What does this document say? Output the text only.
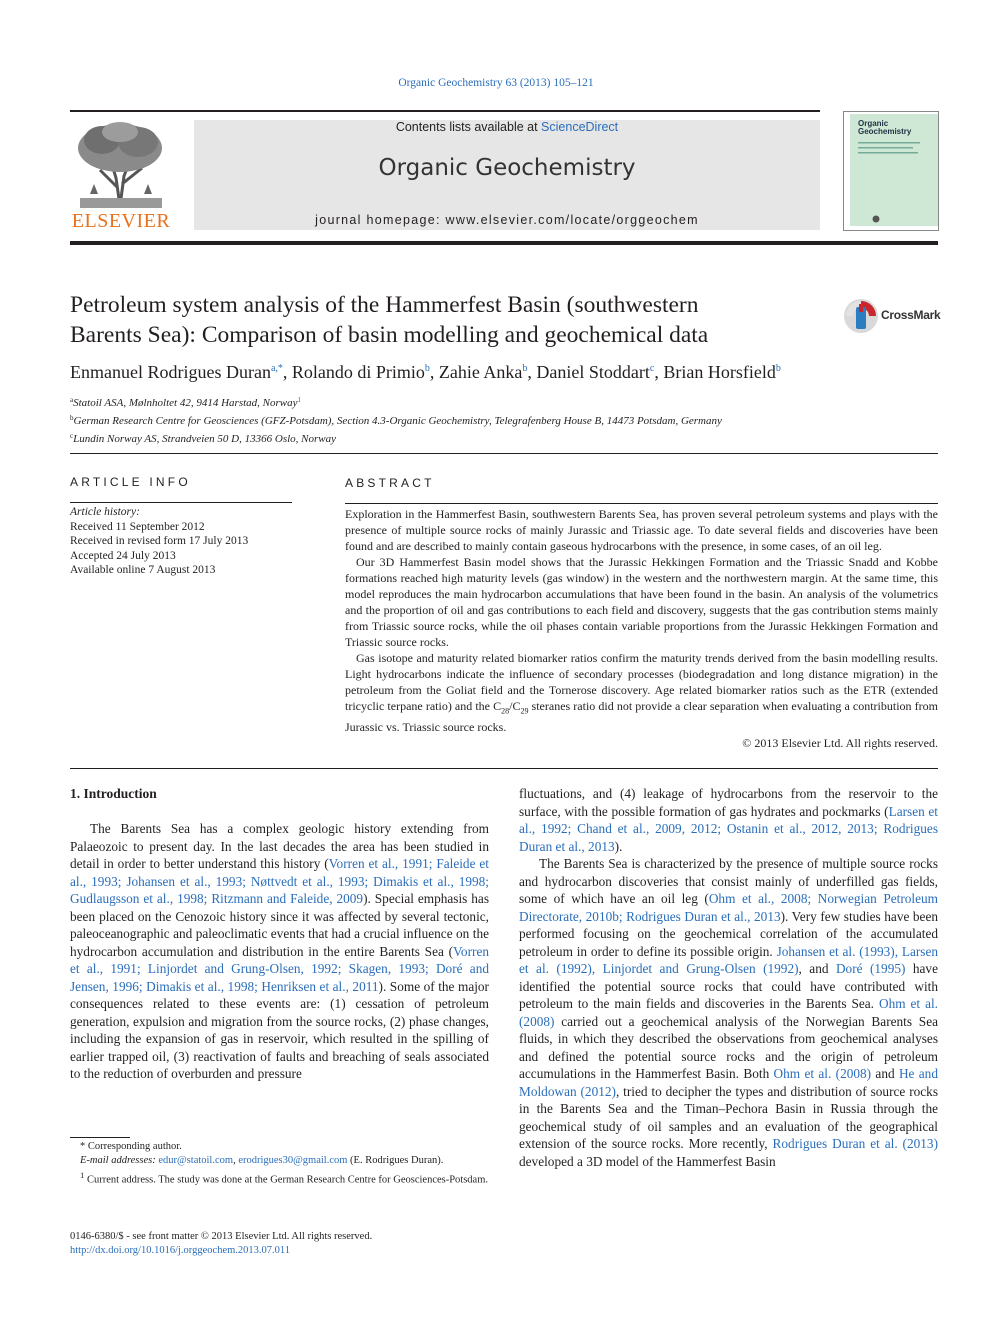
Organic Geochemistry 63 (2013) 105–121
ELSEVIER
Contents lists available at ScienceDirect
Organic Geochemistry
journal homepage: www.elsevier.com/locate/orggeochem
Organic
Geochemistry
Petroleum system analysis of the Hammerfest Basin (southwestern
Barents Sea): Comparison of basin modelling and geochemical data
CrossMark
Enmanuel Rodrigues Duran$^{a,*}$, Rolando di Primio$^b$, Zahie Anka$^b$, Daniel Stoddart$^c$, Brian Horsfield$^b$
$^a$Statoil ASA, Mølnholtet 42, 9414 Harstad, Norway$^1$
$^b$German Research Centre for Geosciences (GFZ-Potsdam), Section 4.3-Organic Geochemistry, Telegrafenberg House B, 14473 Potsdam, Germany
$^c$Lundin Norway AS, Strandveien 50 D, 13366 Oslo, Norway
ARTICLE INFO
Article history:
Received 11 September 2012
Received in revised form 17 July 2013
Accepted 24 July 2013
Available online 7 August 2013
ABSTRACT

Exploration in the Hammerfest Basin, southwestern Barents Sea, has proven several petroleum systems and plays with the presence of multiple source rocks of mainly Jurassic and Triassic age. To date several fields and discoveries have been found and are described to mainly contain gaseous hydrocarbons with the presence, in some cases, of an oil leg.

Our 3D Hammerfest Basin model shows that the Jurassic Hekkingen Formation and the Triassic Snadd and Kobbe formations reached high maturity levels (gas window) in the western and the northwestern margin. At the same time, this model reproduces the main hydrocarbon accumulations that have been found in the basin. An analysis of the volumetrics and the proportion of oil and gas contributions to each field and discovery, suggests that the gas contribution stems mainly from Triassic source rocks, while the oil phases contain variable proportions from the Jurassic Hekkingen Formation and Triassic source rocks.

Gas isotope and maturity related biomarker ratios confirm the maturity trends derived from the basin modelling results. Light hydrocarbons indicate the influence of secondary processes (biodegradation and long distance migration) in the petroleum from the Goliat field and the Tornerose discovery. Age related biomarker ratios such as the ETR (extended tricyclic terpane ratio) and the $C_{28}/C_{29}$ steranes ratio did not provide a clear separation when evaluating a contribution from Jurassic vs. Triassic source rocks.

© 2013 Elsevier Ltd. All rights reserved.
1. Introduction

The Barents Sea has a complex geologic history extending from Palaeozoic to present day. In the last decades the area has been studied in detail in order to better understand this history (Vorren et al., 1991; Faleide et al., 1993; Johansen et al., 1993; Nøttvedt et al., 1993; Dimakis et al., 1998; Gudlaugsson et al., 1998; Ritzmann and Faleide, 2009). Special emphasis has been placed on the Cenozoic history since it was affected by several tectonic, paleoceanographic and paleoclimatic events that had a crucial influence on the hydrocarbon accumulation and distribution in the entire Barents Sea (Vorren et al., 1991; Linjordet and Grung-Olsen, 1992; Skagen, 1993; Doré and Jensen, 1996; Dimakis et al., 1998; Henriksen et al., 2011). Some of the major consequences related to these events are: (1) cessation of petroleum generation, expulsion and migration from the source rocks, (2) phase changes, including the expansion of gas in reservoir, which resulted in the spilling of earlier trapped oil, (3) reactivation of faults and breaching of seals associated to the reduction of overburden and pressure

* Corresponding author.

E-mail addresses: edur@statoil.com, erodrigues30@gmail.com (E. Rodrigues Duran).

$^1$ Current address. The study was done at the German Research Centre for Geosciences-Potsdam.

0146-6380/$ - see front matter © 2013 Elsevier Ltd. All rights reserved.
http://dx.doi.org/10.1016/j.orggeochem.2013.07.011

fluctuations, and (4) leakage of hydrocarbons from the reservoir to the surface, with the possible formation of gas hydrates and pockmarks (Larsen et al., 1992; Chand et al., 2009, 2012; Ostanin et al., 2012, 2013; Rodrigues Duran et al., 2013).

The Barents Sea is characterized by the presence of multiple source rocks and hydrocarbon discoveries that consist mainly of underfilled gas fields, some of which have an oil leg (Ohm et al., 2008; Norwegian Petroleum Directorate, 2010b; Rodrigues Duran et al., 2013). Very few studies have been performed focusing on the geochemical correlation of the accumulated petroleum in order to define its possible origin. Johansen et al. (1993), Larsen et al. (1992), Linjordet and Grung-Olsen (1992), and Doré (1995) have identified the potential source rocks that could have contributed with petroleum to the main fields and discoveries in the Barents Sea. Ohm et al. (2008) carried out a geochemical analysis of the Norwegian Barents Sea fluids, in which they described the observations from geochemical analyses and defined the potential source rocks and the origin of petroleum accumulations in the Hammerfest Basin. Both Ohm et al. (2008) and He and Moldowan (2012), tried to decipher the types and distribution of source rocks in the Barents Sea and the Timan–Pechora Basin in Russia through the geochemical study of oil samples and an evaluation of the geographical extension of the source rocks. More recently, Rodrigues Duran et al. (2013) developed a 3D model of the Hammerfest Basin
